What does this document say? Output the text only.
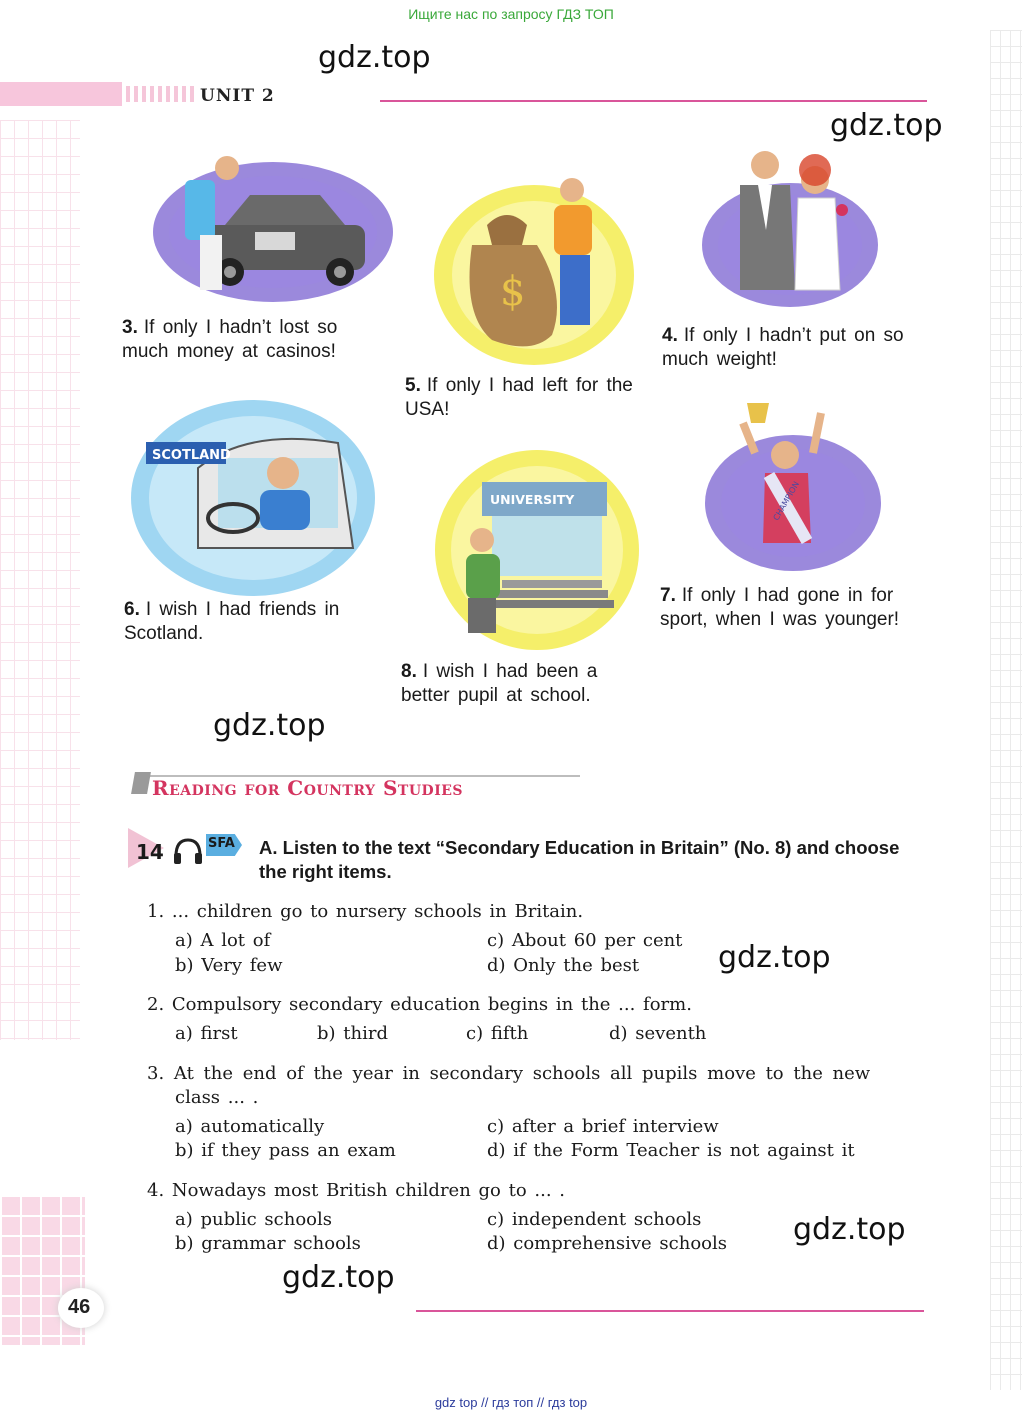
Ищите нас по запросу ГДЗ ТОП
UNIT 2
gdz.top
gdz.top
gdz.top
gdz.top
gdz.top
gdz.top
3. If only I hadn’t lost so much money at casinos!
$
5. If only I had left for the USA!
4. If only I hadn’t put on so much weight!
SCOTLAND
6. I wish I had friends in Scotland.
UNIVERSITY
8. I wish I had been a better pupil at school.
CHAMPION
7. If only I had gone in for sport, when I was younger!
Reading for Country Studies
14	SFA A. Listen to the text “Secondary Education in Britain” (No. 8) and choose the right items.
1. ... children go to nursery schools in Britain.
a) A lot of
b) Very few
c) About 60 per cent
d) Only the best
2. Compulsory secondary education begins in the ... form.
a) first	b) third	c) fifth	d) seventh
3. At the end of the year in secondary schools all pupils move to the new
class ... .
a) automatically
b) if they pass an exam
c) after a brief interview
d) if the Form Teacher is not against it
4. Nowadays most British children go to ... .
a) public schools
b) grammar schools
c) independent schools
d) comprehensive schools
46
gdz top // гдз топ // гдз top
